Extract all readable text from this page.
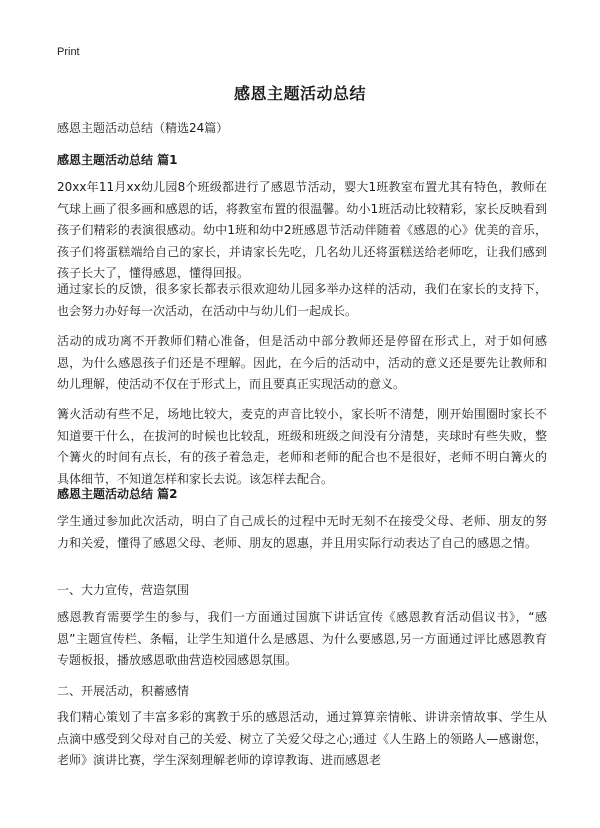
Print
感恩主题活动总结
感恩主题活动总结（精选24篇）
感恩主题活动总结 篇1

20xx年11月xx幼儿园8个班级都进行了感恩节活动，婴大1班教室布置尤其有特色，教师在气球上画了很多画和感恩的话，将教室布置的很温馨。幼小1班活动比较精彩，家长反映看到孩子们精彩的表演很感动。幼中1班和幼中2班感恩节活动伴随着《感恩的心》优美的音乐，孩子们将蛋糕端给自己的家长，并请家长先吃，几名幼儿还将蛋糕送给老师吃，让我们感到孩子长大了，懂得感恩，懂得回报。

通过家长的反馈，很多家长都表示很欢迎幼儿园多举办这样的活动，我们在家长的支持下，也会努力办好每一次活动，在活动中与幼儿们一起成长。

活动的成功离不开教师们精心准备，但是活动中部分教师还是停留在形式上，对于如何感恩，为什么感恩孩子们还是不理解。因此，在今后的活动中，活动的意义还是要先让教师和幼儿理解，使活动不仅在于形式上，而且要真正实现活动的意义。

篝火活动有些不足，场地比较大，麦克的声音比较小，家长听不清楚，刚开始围圈时家长不知道要干什么，在拔河的时候也比较乱，班级和班级之间没有分清楚，夹球时有些失败，整个篝火的时间有点长，有的孩子着急走，老师和老师的配合也不是很好，老师不明白篝火的具体细节，不知道怎样和家长去说。该怎样去配合。

感恩主题活动总结 篇2

学生通过参加此次活动，明白了自己成长的过程中无时无刻不在接受父母、老师、朋友的努力和关爱，懂得了感恩父母、老师、朋友的恩惠，并且用实际行动表达了自己的感恩之情。

一、大力宣传，营造氛围

感恩教育需要学生的参与，我们一方面通过国旗下讲话宣传《感恩教育活动倡议书》，“感恩”主题宣传栏、条幅，让学生知道什么是感恩、为什么要感恩,另一方面通过评比感恩教育专题板报，播放感恩歌曲营造校园感恩氛围。

二、开展活动，积蓄感情

我们精心策划了丰富多彩的寓教于乐的感恩活动，通过算算亲情帐、讲讲亲情故事、学生从点滴中感受到父母对自己的关爱、树立了关爱父母之心;通过《人生路上的领路人—感谢您，老师》演讲比赛，学生深刻理解老师的谆谆教诲、进而感恩老
